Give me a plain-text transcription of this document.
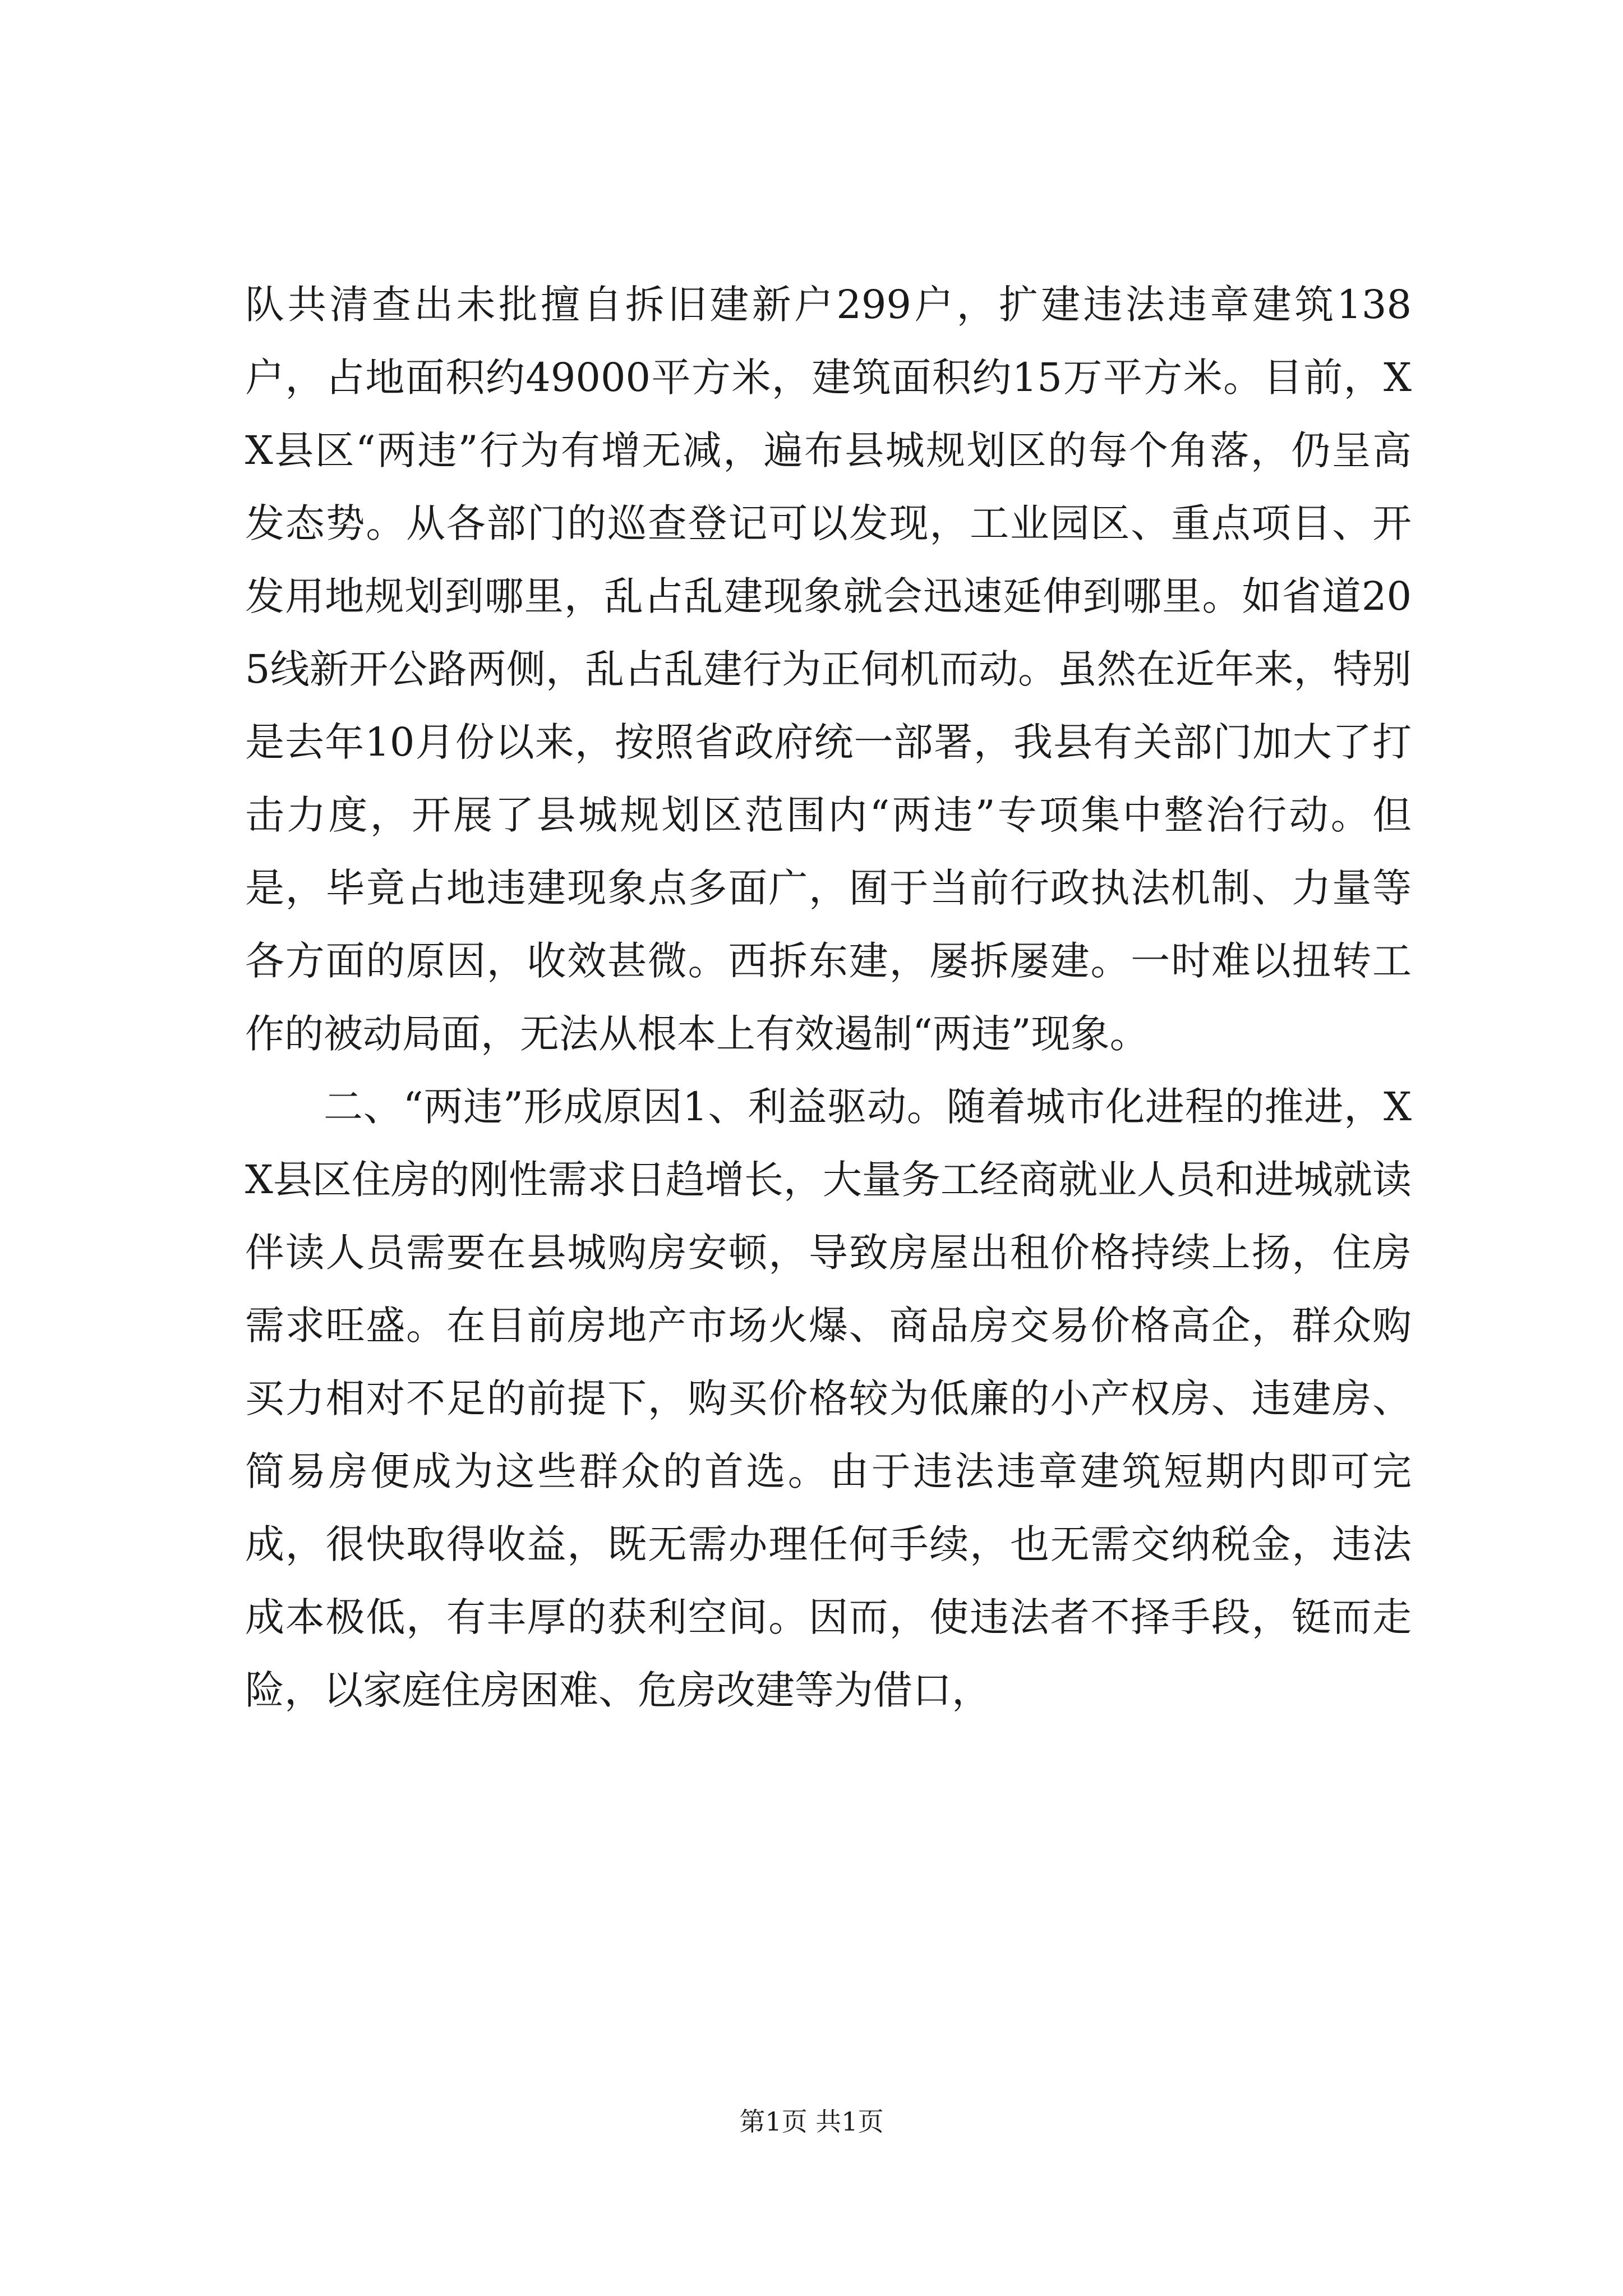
队共清查出未批擅自拆旧建新户299户，扩建违法违章建筑138户，占地面积约49000平方米，建筑面积约15万平方米。目前，XX县区“两违”行为有增无减，遍布县城规划区的每个角落，仍呈高发态势。从各部门的巡查登记可以发现，工业园区、重点项目、开发用地规划到哪里，乱占乱建现象就会迅速延伸到哪里。如省道205线新开公路两侧，乱占乱建行为正伺机而动。虽然在近年来，特别是去年10月份以来，按照省政府统一部署，我县有关部门加大了打击力度，开展了县城规划区范围内“两违”专项集中整治行动。但是，毕竟占地违建现象点多面广，囿于当前行政执法机制、力量等各方面的原因，收效甚微。西拆东建，屡拆屡建。一时难以扭转工作的被动局面，无法从根本上有效遏制“两违”现象。

二、“两违”形成原因1、利益驱动。随着城市化进程的推进，XX县区住房的刚性需求日趋增长，大量务工经商就业人员和进城就读伴读人员需要在县城购房安顿，导致房屋出租价格持续上扬，住房需求旺盛。在目前房地产市场火爆、商品房交易价格高企，群众购买力相对不足的前提下，购买价格较为低廉的小产权房、违建房、简易房便成为这些群众的首选。由于违法违章建筑短期内即可完成，很快取得收益，既无需办理任何手续，也无需交纳税金，违法成本极低，有丰厚的获利空间。因而，使违法者不择手段，铤而走险，以家庭住房困难、危房改建等为借口，

第1页 共1页
